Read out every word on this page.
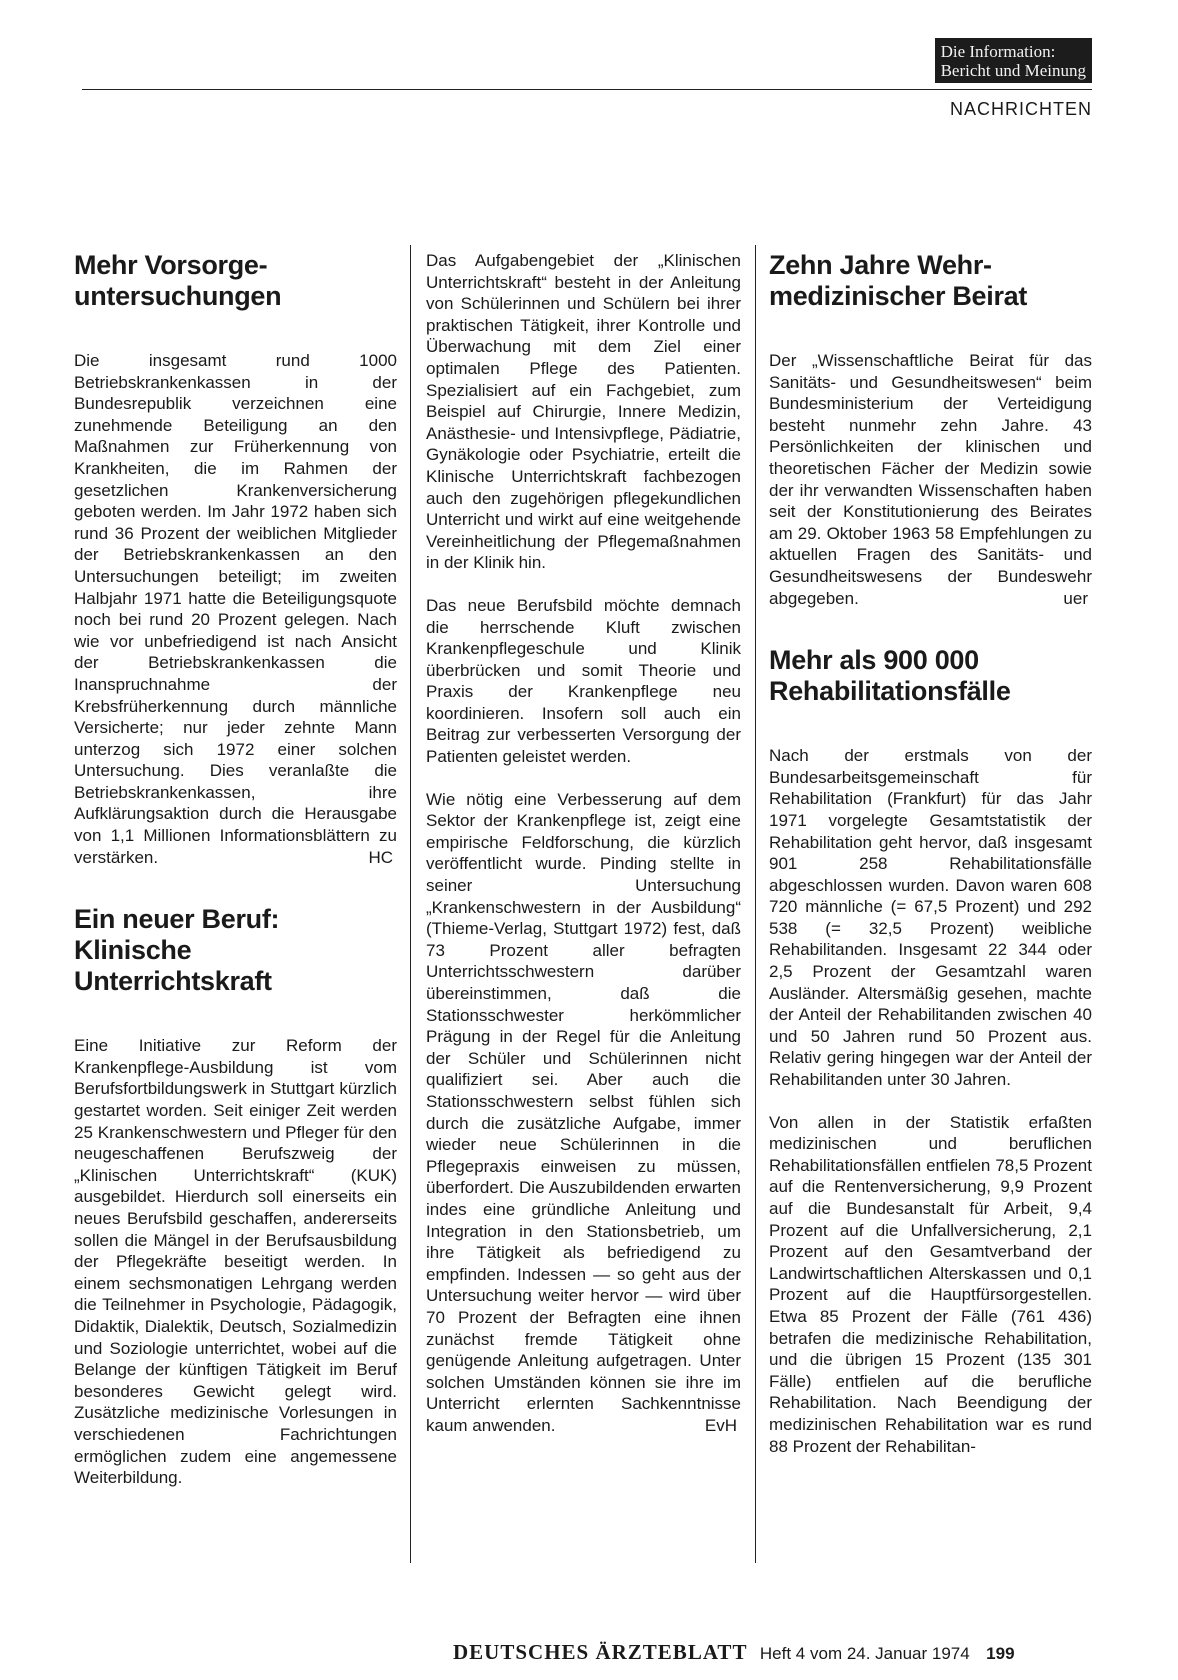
Die Information:
Bericht und Meinung
NACHRICHTEN
Mehr Vorsorge-
untersuchungen

Die insgesamt rund 1000 Betriebskrankenkassen in der Bundesrepublik verzeichnen eine zunehmende Beteiligung an den Maßnahmen zur Früherkennung von Krankheiten, die im Rahmen der gesetzlichen Krankenversicherung geboten werden. Im Jahr 1972 haben sich rund 36 Prozent der weiblichen Mitglieder der Betriebskrankenkassen an den Untersuchungen beteiligt; im zweiten Halbjahr 1971 hatte die Beteiligungsquote noch bei rund 20 Prozent gelegen. Nach wie vor unbefriedigend ist nach Ansicht der Betriebskrankenkassen die Inanspruchnahme der Krebsfrüherkennung durch männliche Versicherte; nur jeder zehnte Mann unterzog sich 1972 einer solchen Untersuchung. Dies veranlaßte die Betriebskrankenkassen, ihre Aufklärungsaktion durch die Herausgabe von 1,1 Millionen Informationsblättern zu verstärken.	HC

Ein neuer Beruf:
Klinische
Unterrichtskraft

Eine Initiative zur Reform der Krankenpflege-Ausbildung ist vom Berufsfortbildungswerk in Stuttgart kürzlich gestartet worden. Seit einiger Zeit werden 25 Krankenschwestern und Pfleger für den neugeschaffenen Berufszweig der „Klinischen Unterrichtskraft“ (KUK) ausgebildet. Hierdurch soll einerseits ein neues Berufsbild geschaffen, andererseits sollen die Mängel in der Berufsausbildung der Pflegekräfte beseitigt werden. In einem sechsmonatigen Lehrgang werden die Teilnehmer in Psychologie, Pädagogik, Didaktik, Dialektik, Deutsch, Sozialmedizin und Soziologie unterrichtet, wobei auf die Belange der künftigen Tätigkeit im Beruf besonderes Gewicht gelegt wird. Zusätzliche medizinische Vorlesungen in verschiedenen Fachrichtungen ermöglichen zudem eine angemessene Weiterbildung.

Das Aufgabengebiet der „Klinischen Unterrichtskraft“ besteht in der Anleitung von Schülerinnen und Schülern bei ihrer praktischen Tätigkeit, ihrer Kontrolle und Überwachung mit dem Ziel einer optimalen Pflege des Patienten. Spezialisiert auf ein Fachgebiet, zum Beispiel auf Chirurgie, Innere Medizin, Anästhesie- und Intensivpflege, Pädiatrie, Gynäkologie oder Psychiatrie, erteilt die Klinische Unterrichtskraft fachbezogen auch den zugehörigen pflegekundlichen Unterricht und wirkt auf eine weitgehende Vereinheitlichung der Pflegemaßnahmen in der Klinik hin.

Das neue Berufsbild möchte demnach die herrschende Kluft zwischen Krankenpflegeschule und Klinik überbrücken und somit Theorie und Praxis der Krankenpflege neu koordinieren. Insofern soll auch ein Beitrag zur verbesserten Versorgung der Patienten geleistet werden.

Wie nötig eine Verbesserung auf dem Sektor der Krankenpflege ist, zeigt eine empirische Feldforschung, die kürzlich veröffentlicht wurde. Pinding stellte in seiner Untersuchung „Krankenschwestern in der Ausbildung“ (Thieme-Verlag, Stuttgart 1972) fest, daß 73 Prozent aller befragten Unterrichtsschwestern darüber übereinstimmen, daß die Stationsschwester herkömmlicher Prägung in der Regel für die Anleitung der Schüler und Schülerinnen nicht qualifiziert sei. Aber auch die Stationsschwestern selbst fühlen sich durch die zusätzliche Aufgabe, immer wieder neue Schülerinnen in die Pflegepraxis einweisen zu müssen, überfordert. Die Auszubildenden erwarten indes eine gründliche Anleitung und Integration in den Stationsbetrieb, um ihre Tätigkeit als befriedigend zu empfinden. Indessen — so geht aus der Untersuchung weiter hervor — wird über 70 Prozent der Befragten eine ihnen zunächst fremde Tätigkeit ohne genügende Anleitung aufgetragen. Unter solchen Umständen können sie ihre im Unterricht erlernten Sachkenntnisse kaum anwenden.	EvH

Zehn Jahre Wehr-
medizinischer Beirat

Der „Wissenschaftliche Beirat für das Sanitäts- und Gesundheitswesen“ beim Bundesministerium der Verteidigung besteht nunmehr zehn Jahre. 43 Persönlichkeiten der klinischen und theoretischen Fächer der Medizin sowie der ihr verwandten Wissenschaften haben seit der Konstitutionierung des Beirates am 29. Oktober 1963 58 Empfehlungen zu aktuellen Fragen des Sanitäts- und Gesundheitswesens der Bundeswehr abgegeben.	uer

Mehr als 900 000
Rehabilitationsfälle

Nach der erstmals von der Bundesarbeitsgemeinschaft für Rehabilitation (Frankfurt) für das Jahr 1971 vorgelegte Gesamtstatistik der Rehabilitation geht hervor, daß insgesamt 901 258 Rehabilitationsfälle abgeschlossen wurden. Davon waren 608 720 männliche (= 67,5 Prozent) und 292 538 (= 32,5 Prozent) weibliche Rehabilitanden. Insgesamt 22 344 oder 2,5 Prozent der Gesamtzahl waren Ausländer. Altersmäßig gesehen, machte der Anteil der Rehabilitanden zwischen 40 und 50 Jahren rund 50 Prozent aus. Relativ gering hingegen war der Anteil der Rehabilitanden unter 30 Jahren.

Von allen in der Statistik erfaßten medizinischen und beruflichen Rehabilitationsfällen entfielen 78,5 Prozent auf die Rentenversicherung, 9,9 Prozent auf die Bundesanstalt für Arbeit, 9,4 Prozent auf die Unfallversicherung, 2,1 Prozent auf den Gesamtverband der Landwirtschaftlichen Alterskassen und 0,1 Prozent auf die Hauptfürsorgestellen. Etwa 85 Prozent der Fälle (761 436) betrafen die medizinische Rehabilitation, und die übrigen 15 Prozent (135 301 Fälle) entfielen auf die berufliche Rehabilitation. Nach Beendigung der medizinischen Rehabilitation war es rund 88 Prozent der Rehabilitan-

DEUTSCHES ÄRZTEBLATT Heft 4 vom 24. Januar 1974 199
